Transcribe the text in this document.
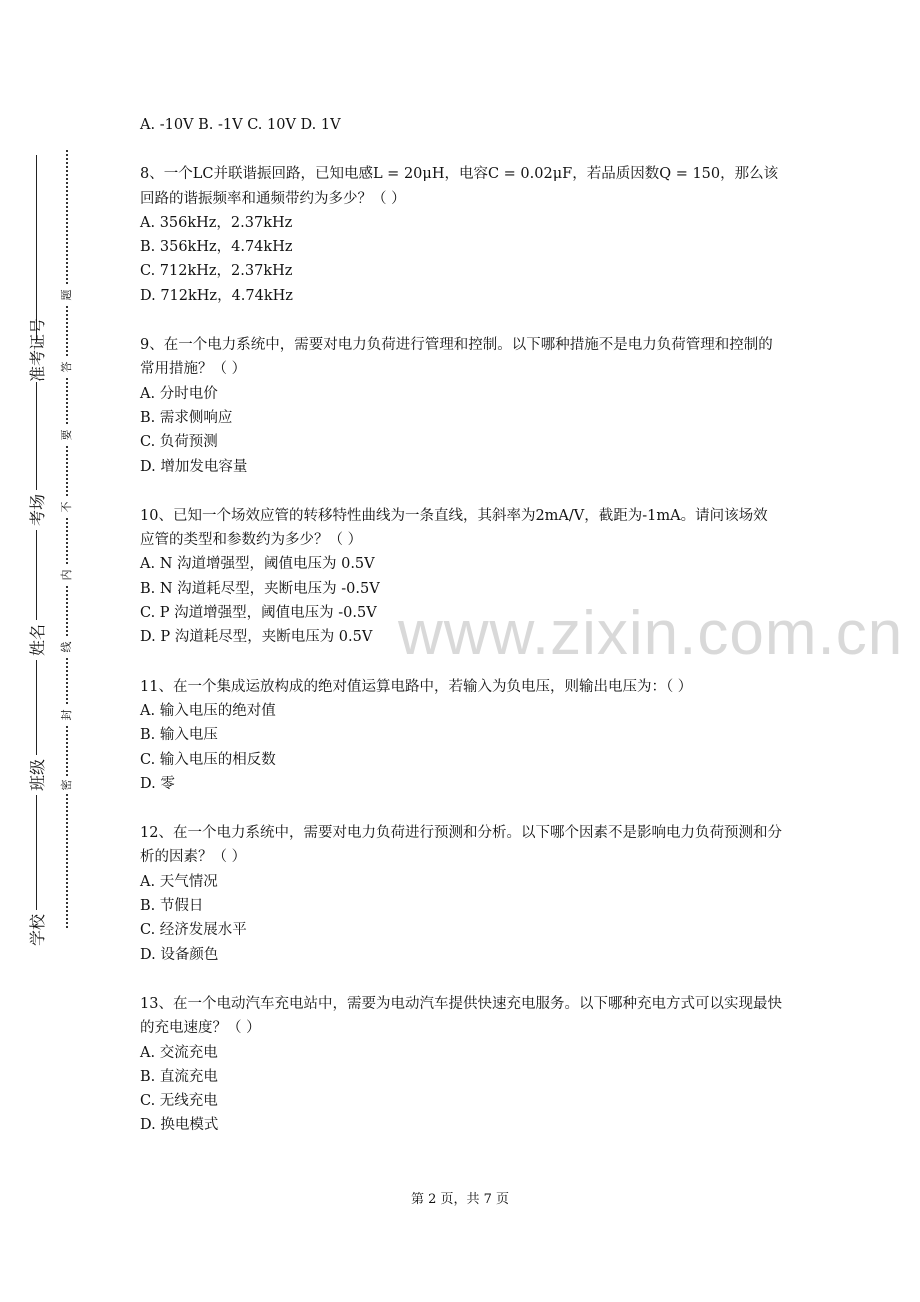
准考证号
考场
姓名
班级
学校
题
答
要
不
内
线
封
密

A. -10V B. -1V C. 10V D. 1V

8、一个LC并联谐振回路，已知电感L = 20μH，电容C = 0.02μF，若品质因数Q = 150，那么该回路的谐振频率和通频带约为多少？（ ）

A. 356kHz，2.37kHz

B. 356kHz，4.74kHz

C. 712kHz，2.37kHz

D. 712kHz，4.74kHz

9、在一个电力系统中，需要对电力负荷进行管理和控制。以下哪种措施不是电力负荷管理和控制的常用措施？（ ）

A. 分时电价

B. 需求侧响应

C. 负荷预测

D. 增加发电容量

10、已知一个场效应管的转移特性曲线为一条直线，其斜率为2mA/V，截距为-1mA。请问该场效应管的类型和参数约为多少？（ ）

A. N 沟道增强型，阈值电压为 0.5V

B. N 沟道耗尽型，夹断电压为 -0.5V

C. P 沟道增强型，阈值电压为 -0.5V

D. P 沟道耗尽型，夹断电压为 0.5V

11、在一个集成运放构成的绝对值运算电路中，若输入为负电压，则输出电压为：（ ）

A. 输入电压的绝对值

B. 输入电压

C. 输入电压的相反数

D. 零

12、在一个电力系统中，需要对电力负荷进行预测和分析。以下哪个因素不是影响电力负荷预测和分析的因素？（ ）

A. 天气情况

B. 节假日

C. 经济发展水平

D. 设备颜色

13、在一个电动汽车充电站中，需要为电动汽车提供快速充电服务。以下哪种充电方式可以实现最快的充电速度？（ ）

A. 交流充电

B. 直流充电

C. 无线充电

D. 换电模式

www.zixin.com.cn
第 2 页，共 7 页
